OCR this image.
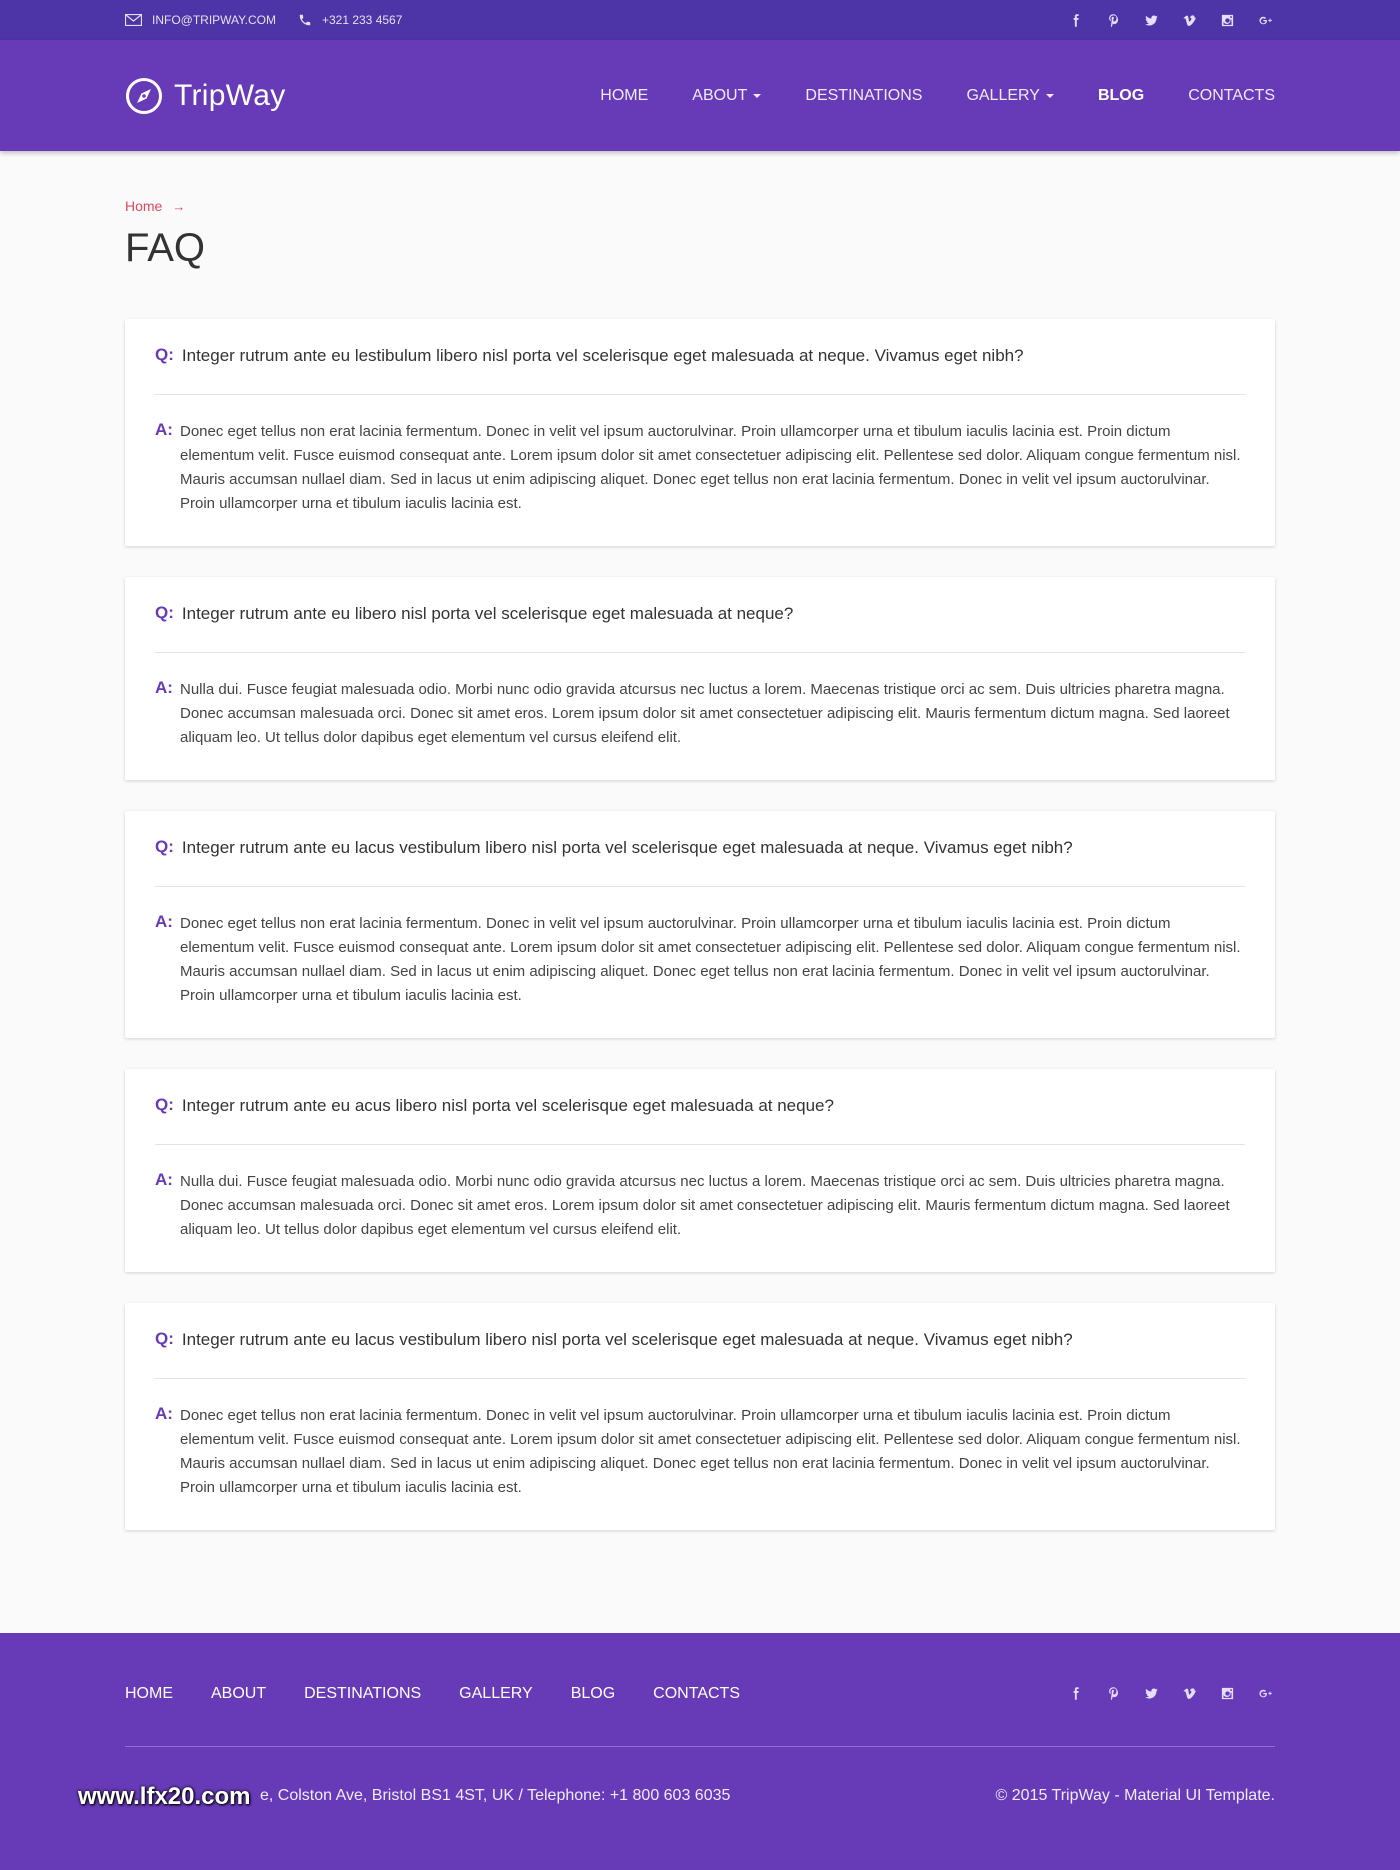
INFO@TRIPWAY.COM	+321 233 4567
TripWay	HOME	ABOUT	DESTINATIONS	GALLERY	BLOG	CONTACTS
Home →
FAQ
Q: Integer rutrum ante eu lestibulum libero nisl porta vel scelerisque eget malesuada at neque. Vivamus eget nibh?
A: Donec eget tellus non erat lacinia fermentum. Donec in velit vel ipsum auctorulvinar. Proin ullamcorper urna et tibulum iaculis lacinia est. Proin dictum elementum velit. Fusce euismod consequat ante. Lorem ipsum dolor sit amet consectetuer adipiscing elit. Pellentese sed dolor. Aliquam congue fermentum nisl. Mauris accumsan nullael diam. Sed in lacus ut enim adipiscing aliquet. Donec eget tellus non erat lacinia fermentum. Donec in velit vel ipsum auctorulvinar. Proin ullamcorper urna et tibulum iaculis lacinia est.
Q: Integer rutrum ante eu libero nisl porta vel scelerisque eget malesuada at neque?
A: Nulla dui. Fusce feugiat malesuada odio. Morbi nunc odio gravida atcursus nec luctus a lorem. Maecenas tristique orci ac sem. Duis ultricies pharetra magna. Donec accumsan malesuada orci. Donec sit amet eros. Lorem ipsum dolor sit amet consectetuer adipiscing elit. Mauris fermentum dictum magna. Sed laoreet aliquam leo. Ut tellus dolor dapibus eget elementum vel cursus eleifend elit.
Q: Integer rutrum ante eu lacus vestibulum libero nisl porta vel scelerisque eget malesuada at neque. Vivamus eget nibh?
A: Donec eget tellus non erat lacinia fermentum. Donec in velit vel ipsum auctorulvinar. Proin ullamcorper urna et tibulum iaculis lacinia est. Proin dictum elementum velit. Fusce euismod consequat ante. Lorem ipsum dolor sit amet consectetuer adipiscing elit. Pellentese sed dolor. Aliquam congue fermentum nisl. Mauris accumsan nullael diam. Sed in lacus ut enim adipiscing aliquet. Donec eget tellus non erat lacinia fermentum. Donec in velit vel ipsum auctorulvinar. Proin ullamcorper urna et tibulum iaculis lacinia est.
Q: Integer rutrum ante eu acus libero nisl porta vel scelerisque eget malesuada at neque?
A: Nulla dui. Fusce feugiat malesuada odio. Morbi nunc odio gravida atcursus nec luctus a lorem. Maecenas tristique orci ac sem. Duis ultricies pharetra magna. Donec accumsan malesuada orci. Donec sit amet eros. Lorem ipsum dolor sit amet consectetuer adipiscing elit. Mauris fermentum dictum magna. Sed laoreet aliquam leo. Ut tellus dolor dapibus eget elementum vel cursus eleifend elit.
Q: Integer rutrum ante eu lacus vestibulum libero nisl porta vel scelerisque eget malesuada at neque. Vivamus eget nibh?
A: Donec eget tellus non erat lacinia fermentum. Donec in velit vel ipsum auctorulvinar. Proin ullamcorper urna et tibulum iaculis lacinia est. Proin dictum elementum velit. Fusce euismod consequat ante. Lorem ipsum dolor sit amet consectetuer adipiscing elit. Pellentese sed dolor. Aliquam congue fermentum nisl. Mauris accumsan nullael diam. Sed in lacus ut enim adipiscing aliquet. Donec eget tellus non erat lacinia fermentum. Donec in velit vel ipsum auctorulvinar. Proin ullamcorper urna et tibulum iaculis lacinia est.
HOME ABOUT DESTINATIONS GALLERY BLOG CONTACTS
e, Colston Ave, Bristol BS1 4ST, UK / Telephone: +1 800 603 6035	© 2015 TripWay - Material UI Template.
www.lfx20.com
